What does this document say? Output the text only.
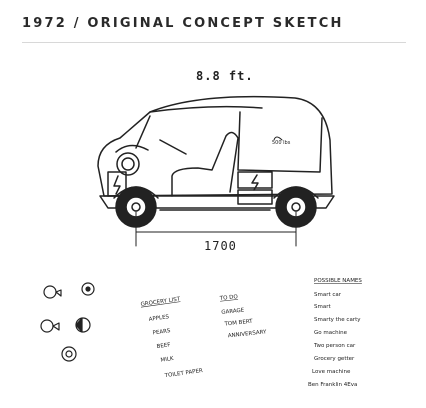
1972 / ORIGINAL CONCEPT SKETCH
8.8 ft.
500 lbs
GROCERY LIST
APPLES
PEARS
BEEF
MILK
TOILET PAPER
TO DO
GARAGE
TOM BERT
ANNIVERSARY
POSSIBLE NAMES
Smart car
Smart
Smarty the carty
Go machine
Two person car
Grocery getter
Love machine
Ben Franklin 4Eva
1700
